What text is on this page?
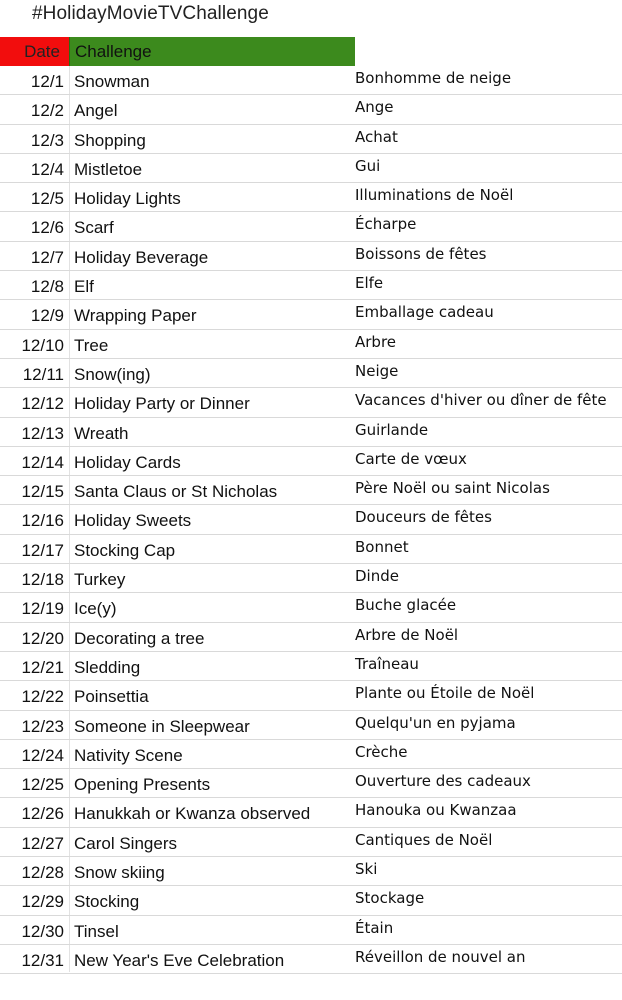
#HolidayMovieTVChallenge
Date Challenge
12/1 Snowman	Bonhomme de neige
12/2 Angel	Ange
12/3 Shopping	Achat
12/4 Mistletoe	Gui
12/5 Holiday Lights	Illuminations de Noël
12/6 Scarf	Écharpe
12/7 Holiday Beverage	Boissons de fêtes
12/8 Elf	Elfe
12/9 Wrapping Paper	Emballage cadeau
12/10 Tree	Arbre
12/11 Snow(ing)	Neige
12/12 Holiday Party or Dinner	Vacances d'hiver ou dîner de fête
12/13 Wreath	Guirlande
12/14 Holiday Cards	Carte de vœux
12/15 Santa Claus or St Nicholas	Père Noël ou saint Nicolas
12/16 Holiday Sweets	Douceurs de fêtes
12/17 Stocking Cap	Bonnet
12/18 Turkey	Dinde
12/19 Ice(y)	Buche glacée
12/20 Decorating a tree	Arbre de Noël
12/21 Sledding	Traîneau
12/22 Poinsettia	Plante ou Étoile de Noël
12/23 Someone in Sleepwear	Quelqu'un en pyjama
12/24 Nativity Scene	Crèche
12/25 Opening Presents	Ouverture des cadeaux
12/26 Hanukkah or Kwanza observed	Hanouka ou Kwanzaa
12/27 Carol Singers	Cantiques de Noël
12/28 Snow skiing	Ski
12/29 Stocking	Stockage
12/30 Tinsel	Étain
12/31 New Year's Eve Celebration	Réveillon de nouvel an
